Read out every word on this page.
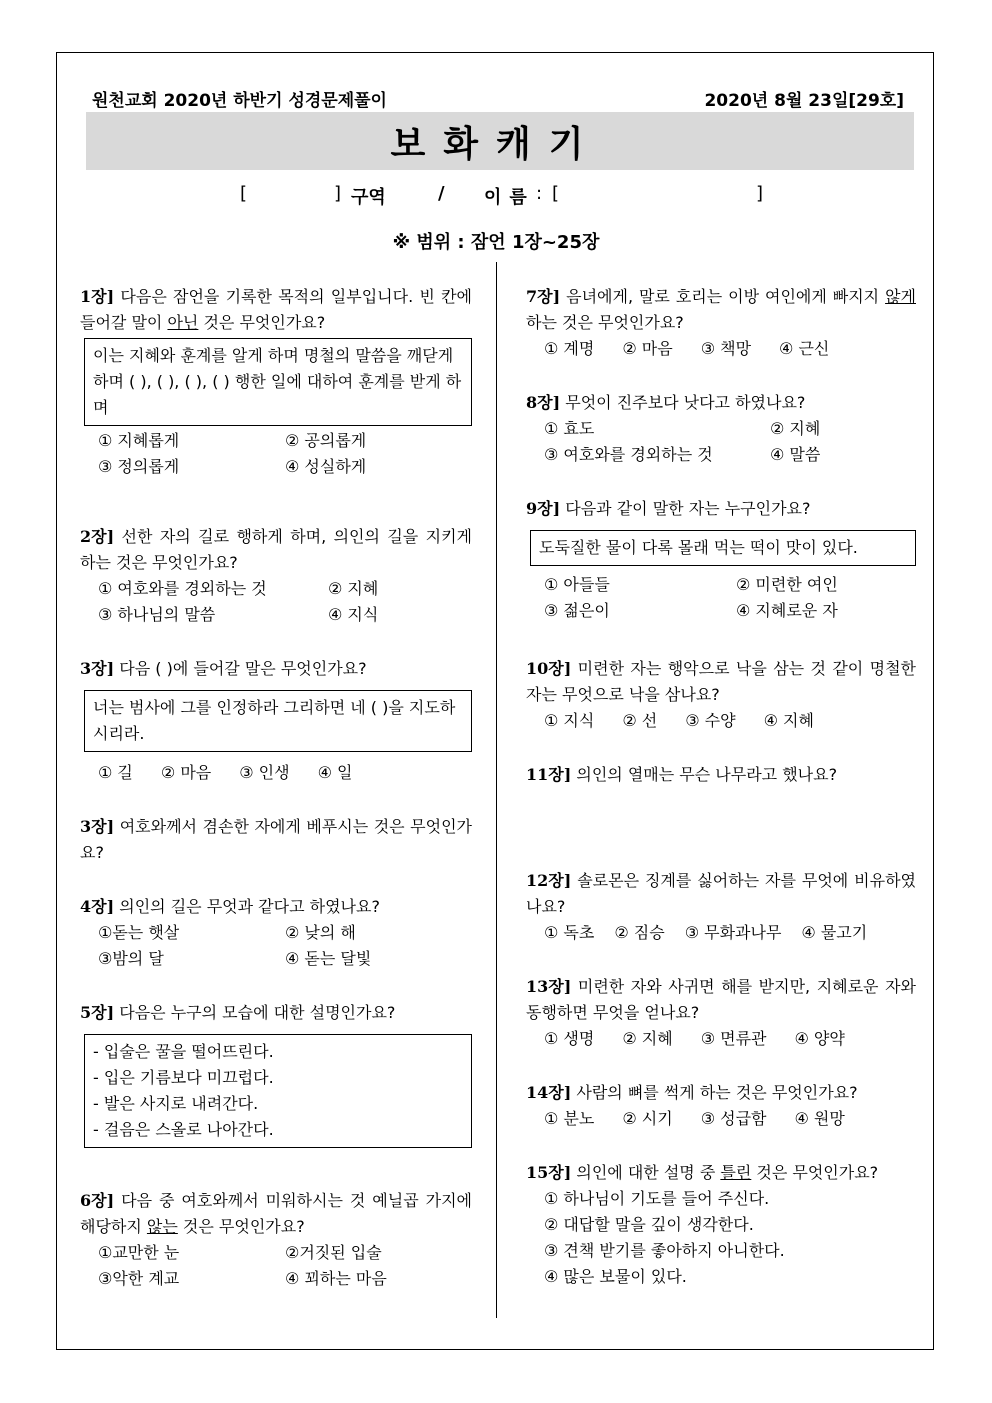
원천교회 2020년 하반기 성경문제풀이	2020년 8월 23일[29호]
보화캐기
[	] 구역	/ 이름 : [	]
※ 범위 : 잠언 1장~25장
1장] 다음은 잠언을 기록한 목적의 일부입니다. 빈 칸에 들어갈 말이 아닌 것은 무엇인가요?
이는 지혜와 훈계를 알게 하며 명철의 말씀을 깨닫게 하며 ( ), ( ), ( ), ( ) 행한 일에 대하여 훈계를 받게 하며
① 지혜롭게	② 공의롭게
③ 정의롭게	④ 성실하게
2장] 선한 자의 길로 행하게 하며, 의인의 길을 지키게 하는 것은 무엇인가요?
① 여호와를 경외하는 것	② 지혜
③ 하나님의 말씀	④ 지식
3장] 다음 ( )에 들어갈 말은 무엇인가요?
너는 범사에 그를 인정하라 그리하면 네 ( )을 지도하시리라.
① 길 ② 마음 ③ 인생 ④ 일
3장] 여호와께서 겸손한 자에게 베푸시는 것은 무엇인가요?
4장] 의인의 길은 무엇과 같다고 하였나요?
①돋는 햇살	② 낮의 해
③밤의 달	④ 돋는 달빛
5장] 다음은 누구의 모습에 대한 설명인가요?
- 입술은 꿀을 떨어뜨린다.
- 입은 기름보다 미끄럽다.
- 발은 사지로 내려간다.
- 걸음은 스올로 나아간다.
6장] 다음 중 여호와께서 미워하시는 것 예닐곱 가지에 해당하지 않는 것은 무엇인가요?
①교만한 눈	②거짓된 입술
③악한 계교	④ 꾀하는 마음
7장] 음녀에게, 말로 호리는 이방 여인에게 빠지지 않게 하는 것은 무엇인가요?
① 계명 ② 마음 ③ 책망 ④ 근신
8장] 무엇이 진주보다 낫다고 하였나요?
① 효도	② 지혜
③ 여호와를 경외하는 것	④ 말씀
9장] 다음과 같이 말한 자는 누구인가요?
도둑질한 물이 다록 몰래 먹는 떡이 맛이 있다.
① 아들들	② 미련한 여인
③ 젊은이	④ 지혜로운 자
10장] 미련한 자는 행악으로 낙을 삼는 것 같이 명철한 자는 무엇으로 낙을 삼나요?
① 지식 ② 선 ③ 수양 ④ 지혜
11장] 의인의 열매는 무슨 나무라고 했나요?
12장] 솔로몬은 징계를 싫어하는 자를 무엇에 비유하였나요?
① 독초 ② 짐승 ③ 무화과나무 ④ 물고기
13장] 미련한 자와 사귀면 해를 받지만, 지혜로운 자와 동행하면 무엇을 얻나요?
① 생명 ② 지혜 ③ 면류관 ④ 양약
14장] 사람의 뼈를 썩게 하는 것은 무엇인가요?
① 분노 ② 시기 ③ 성급함 ④ 원망
15장] 의인에 대한 설명 중 틀린 것은 무엇인가요?
① 하나님이 기도를 들어 주신다.
② 대답할 말을 깊이 생각한다.
③ 견책 받기를 좋아하지 아니한다.
④ 많은 보물이 있다.
